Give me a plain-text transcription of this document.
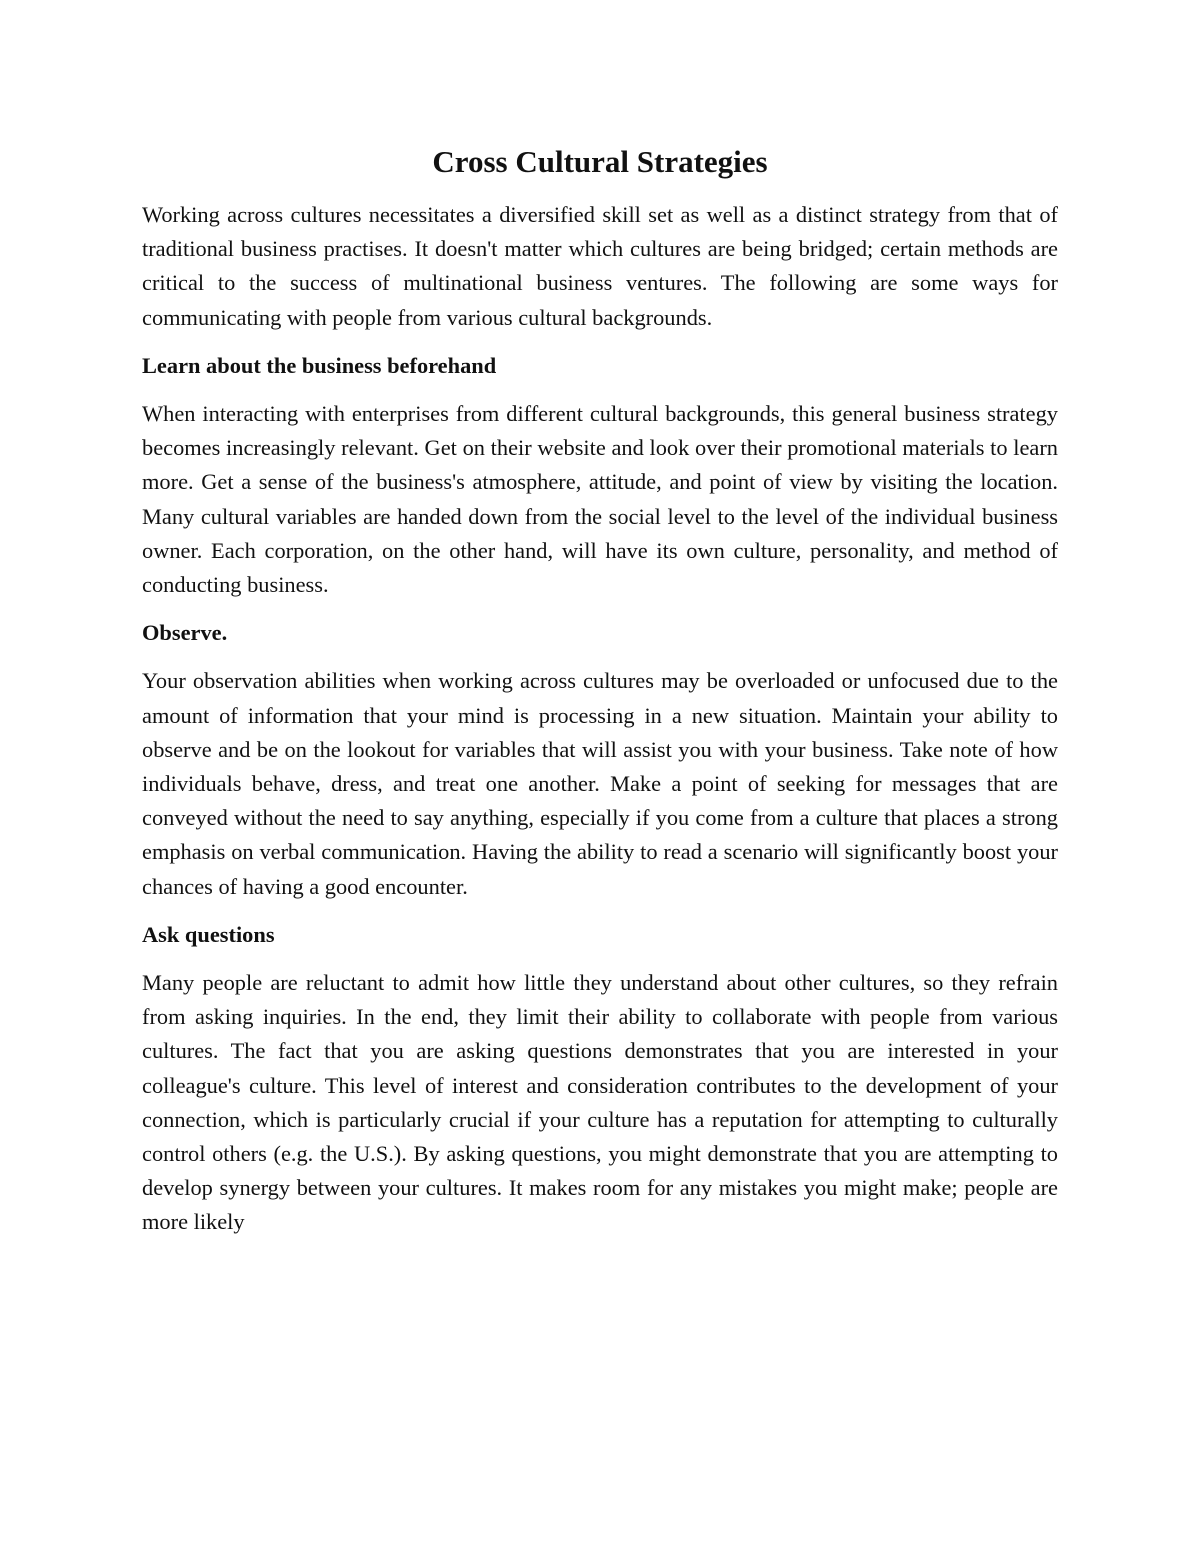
Cross Cultural Strategies

Working across cultures necessitates a diversified skill set as well as a distinct strategy from that of traditional business practises. It doesn't matter which cultures are being bridged; certain methods are critical to the success of multinational business ventures. The following are some ways for communicating with people from various cultural backgrounds.

Learn about the business beforehand

When interacting with enterprises from different cultural backgrounds, this general business strategy becomes increasingly relevant. Get on their website and look over their promotional materials to learn more. Get a sense of the business's atmosphere, attitude, and point of view by visiting the location. Many cultural variables are handed down from the social level to the level of the individual business owner. Each corporation, on the other hand, will have its own culture, personality, and method of conducting business.

Observe.

Your observation abilities when working across cultures may be overloaded or unfocused due to the amount of information that your mind is processing in a new situation. Maintain your ability to observe and be on the lookout for variables that will assist you with your business. Take note of how individuals behave, dress, and treat one another. Make a point of seeking for messages that are conveyed without the need to say anything, especially if you come from a culture that places a strong emphasis on verbal communication. Having the ability to read a scenario will significantly boost your chances of having a good encounter.

Ask questions

Many people are reluctant to admit how little they understand about other cultures, so they refrain from asking inquiries. In the end, they limit their ability to collaborate with people from various cultures. The fact that you are asking questions demonstrates that you are interested in your colleague's culture. This level of interest and consideration contributes to the development of your connection, which is particularly crucial if your culture has a reputation for attempting to culturally control others (e.g. the U.S.). By asking questions, you might demonstrate that you are attempting to develop synergy between your cultures. It makes room for any mistakes you might make; people are more likely
